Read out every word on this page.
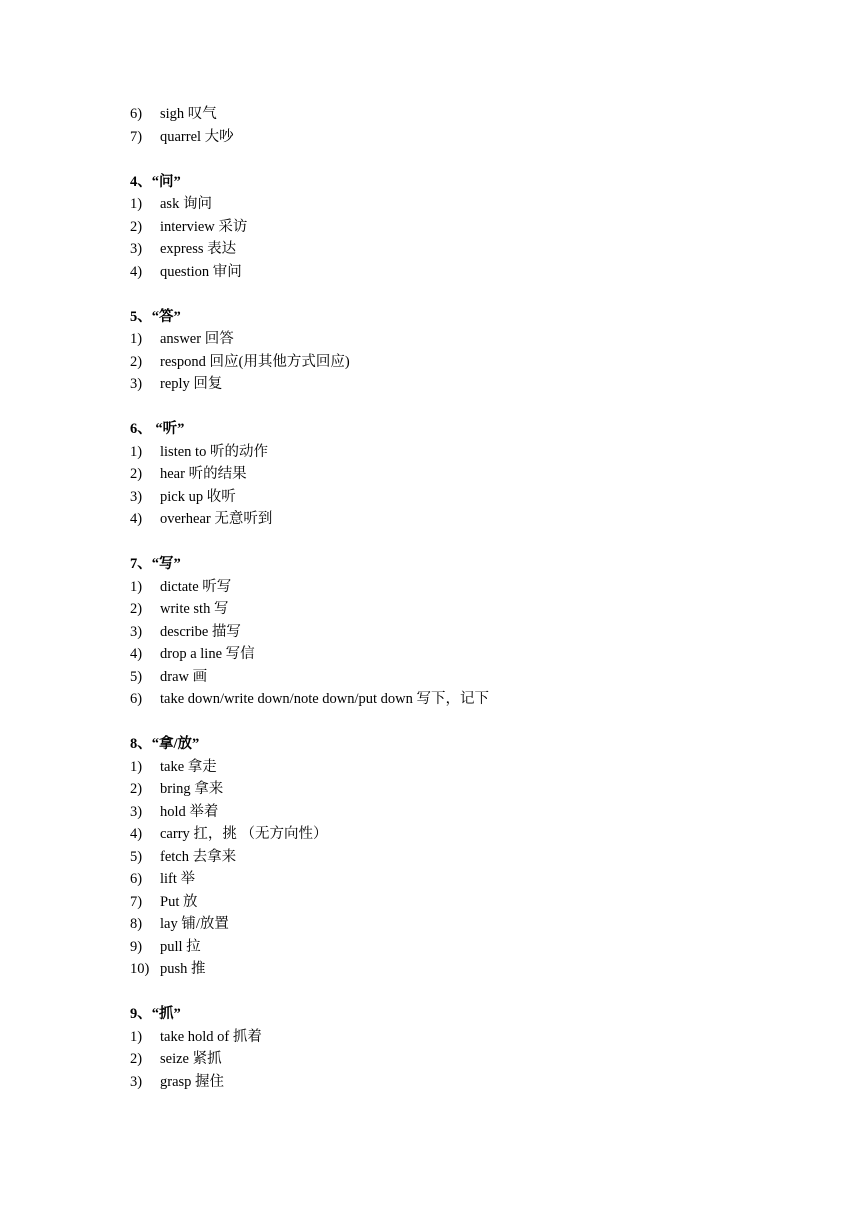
6) sigh 叹气
7) quarrel 大吵
4、“问”
1) ask 询问
2) interview 采访
3) express 表达
4) question 审问
5、“答”
1) answer 回答
2) respond 回应(用其他方式回应)
3) reply 回复
6、 “听”
1) listen to 听的动作
2) hear 听的结果
3) pick up 收听
4) overhear 无意听到
7、“写”
1) dictate 听写
2) write sth 写
3) describe 描写
4) drop a line 写信
5) draw 画
6) take down/write down/note down/put down 写下，记下
8、“拿/放”
1) take 拿走
2) bring 拿来
3) hold 举着
4) carry 扛，挑 （无方向性）
5) fetch 去拿来
6) lift 举
7) Put 放
8) lay 铺/放置
9) pull 拉
10) push 推
9、“抓”
1) take hold of 抓着
2) seize 紧抓
3) grasp 握住
